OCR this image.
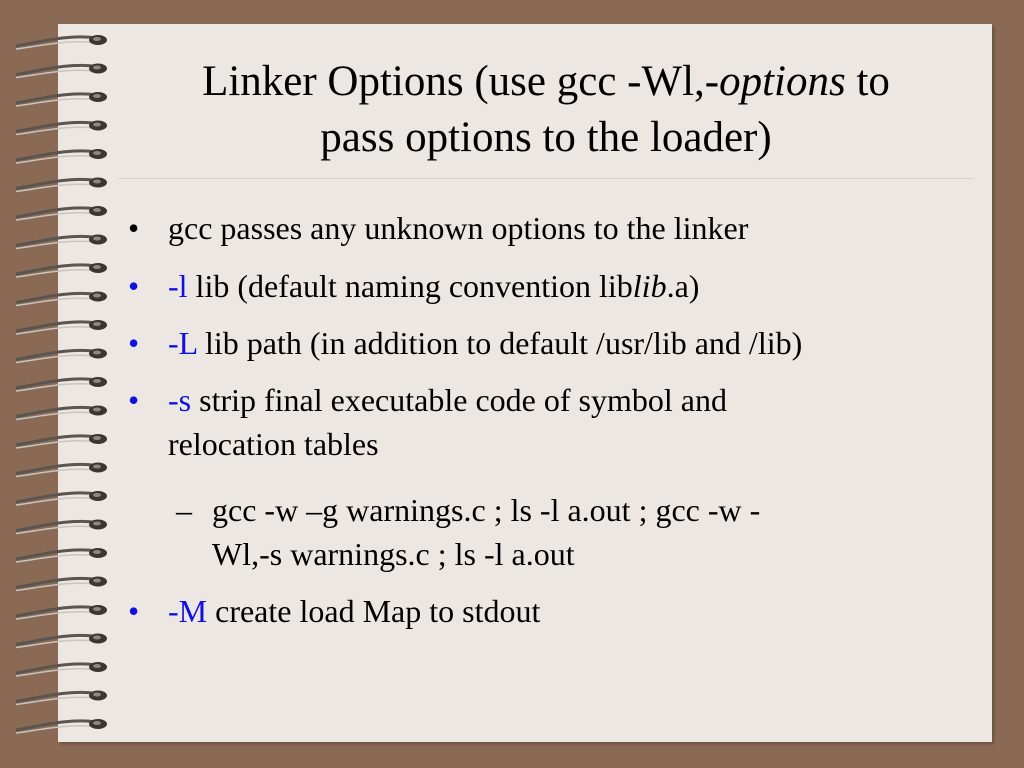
Linker Options (use gcc -Wl,-options to
pass options to the loader)
• gcc passes any unknown options to the linker
• -l lib (default naming convention liblib.a)
• -L lib path (in addition to default /usr/lib and /lib)
• -s strip final executable code of symbol and
relocation tables
– gcc -w –g warnings.c ; ls -l a.out ; gcc -w -
Wl,-s warnings.c ; ls -l a.out
• -M create load Map to stdout
